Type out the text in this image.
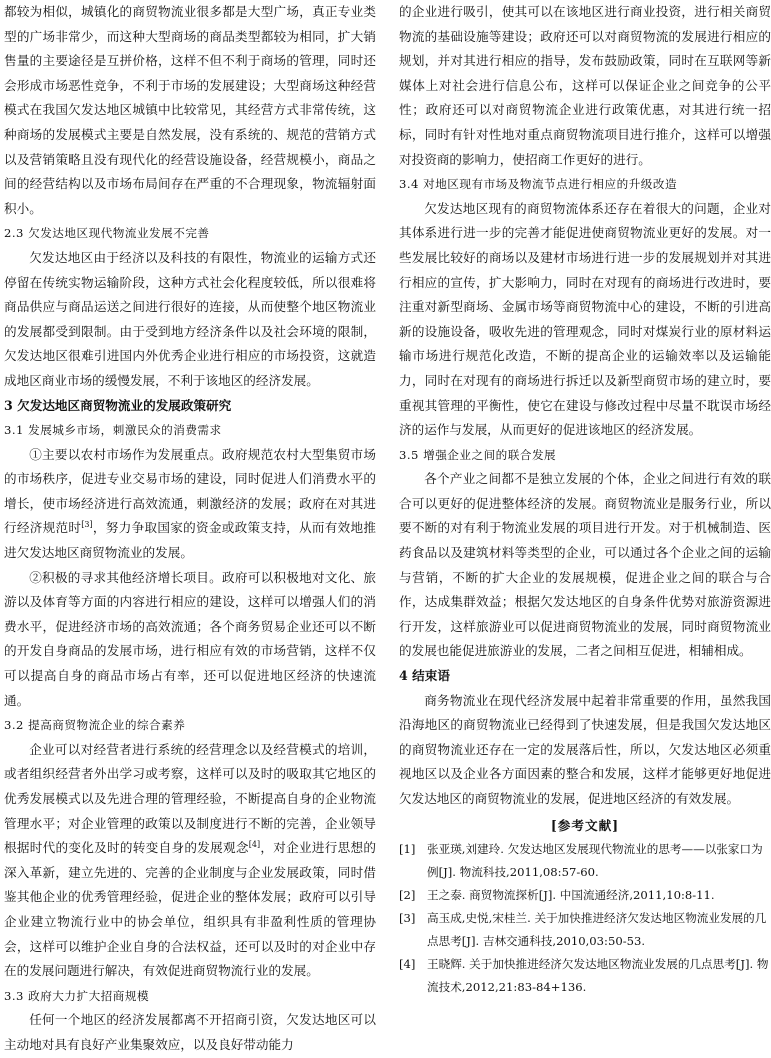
都较为相似，城镇化的商贸物流业很多都是大型广场，真正专业类型的广场非常少，而这种大型商场的商品类型都较为相同，扩大销售量的主要途径是互拼价格，这样不但不利于商场的管理，同时还会形成市场恶性竞争，不利于市场的发展建设；大型商场这种经营模式在我国欠发达地区城镇中比较常见，其经营方式非常传统，这种商场的发展模式主要是自然发展，没有系统的、规范的营销方式以及营销策略且没有现代化的经营设施设备，经营规模小，商品之间的经营结构以及市场布局间存在严重的不合理现象，物流辐射面积小。

2.3 欠发达地区现代物流业发展不完善

欠发达地区由于经济以及科技的有限性，物流业的运输方式还停留在传统实物运输阶段，这种方式社会化程度较低，所以很难将商品供应与商品运送之间进行很好的连接，从而使整个地区物流业的发展都受到限制。由于受到地方经济条件以及社会环境的限制，欠发达地区很难引进国内外优秀企业进行相应的市场投资，这就造成地区商业市场的缓慢发展，不利于该地区的经济发展。

3 欠发达地区商贸物流业的发展政策研究

3.1 发展城乡市场，刺激民众的消费需求

①主要以农村市场作为发展重点。政府规范农村大型集贸市场的市场秩序，促进专业交易市场的建设，同时促进人们消费水平的增长，使市场经济进行高效流通，刺激经济的发展；政府在对其进行经济规范时[3]，努力争取国家的资金或政策支持，从而有效地推进欠发达地区商贸物流业的发展。

②积极的寻求其他经济增长项目。政府可以积极地对文化、旅游以及体育等方面的内容进行相应的建设，这样可以增强人们的消费水平，促进经济市场的高效流通；各个商务贸易企业还可以不断的开发自身商品的发展市场，进行相应有效的市场营销，这样不仅可以提高自身的商品市场占有率，还可以促进地区经济的快速流通。

3.2 提高商贸物流企业的综合素养

企业可以对经营者进行系统的经营理念以及经营模式的培训，或者组织经营者外出学习或考察，这样可以及时的吸取其它地区的优秀发展模式以及先进合理的管理经验，不断提高自身的企业物流管理水平；对企业管理的政策以及制度进行不断的完善，企业领导根据时代的变化及时的转变自身的发展观念[4]，对企业进行思想的深入革新，建立先进的、完善的企业制度与企业发展政策，同时借鉴其他企业的优秀管理经验，促进企业的整体发展；政府可以引导企业建立物流行业中的协会单位，组织具有非盈利性质的管理协会，这样可以维护企业自身的合法权益，还可以及时的对企业中存在的发展问题进行解决，有效促进商贸物流行业的发展。

3.3 政府大力扩大招商规模

任何一个地区的经济发展都离不开招商引资，欠发达地区可以主动地对具有良好产业集聚效应，以及良好带动能力

的企业进行吸引，使其可以在该地区进行商业投资，进行相关商贸物流的基础设施等建设；政府还可以对商贸物流的发展进行相应的规划，并对其进行相应的指导，发布鼓励政策，同时在互联网等新媒体上对社会进行信息公布，这样可以保证企业之间竞争的公平性；政府还可以对商贸物流企业进行政策优惠，对其进行统一招标，同时有针对性地对重点商贸物流项目进行推介，这样可以增强对投资商的影响力，使招商工作更好的进行。

3.4 对地区现有市场及物流节点进行相应的升级改造

欠发达地区现有的商贸物流体系还存在着很大的问题，企业对其体系进行进一步的完善才能促进使商贸物流业更好的发展。对一些发展比较好的商场以及建材市场进行进一步的发展规划并对其进行相应的宣传，扩大影响力，同时在对现有的商场进行改进时，要注重对新型商场、金属市场等商贸物流中心的建设，不断的引进高新的设施设备，吸收先进的管理观念，同时对煤炭行业的原材料运输市场进行规范化改造，不断的提高企业的运输效率以及运输能力，同时在对现有的商场进行拆迁以及新型商贸市场的建立时，要重视其管理的平衡性，使它在建设与修改过程中尽量不耽误市场经济的运作与发展，从而更好的促进该地区的经济发展。

3.5 增强企业之间的联合发展

各个产业之间都不是独立发展的个体，企业之间进行有效的联合可以更好的促进整体经济的发展。商贸物流业是服务行业，所以要不断的对有利于物流业发展的项目进行开发。对于机械制造、医药食品以及建筑材料等类型的企业，可以通过各个企业之间的运输与营销，不断的扩大企业的发展规模，促进企业之间的联合与合作，达成集群效益；根据欠发达地区的自身条件优势对旅游资源进行开发，这样旅游业可以促进商贸物流业的发展，同时商贸物流业的发展也能促进旅游业的发展，二者之间相互促进，相辅相成。

4 结束语

商务物流业在现代经济发展中起着非常重要的作用，虽然我国沿海地区的商贸物流业已经得到了快速发展，但是我国欠发达地区的商贸物流业还存在一定的发展落后性，所以，欠发达地区必须重视地区以及企业各方面因素的整合和发展，这样才能够更好地促进欠发达地区的商贸物流业的发展，促进地区经济的有效发展。

[参考文献]

[1] 张亚瑛,刘建玲. 欠发达地区发展现代物流业的思考——以张家口为例[J]. 物流科技,2011,08:57-60.

[2] 王之泰. 商贸物流探析[J]. 中国流通经济,2011,10:8-11.

[3] 高玉成,史悦,宋桂兰. 关于加快推进经济欠发达地区物流业发展的几点思考[J]. 吉林交通科技,2010,03:50-53.

[4] 王晓辉. 关于加快推进经济欠发达地区物流业发展的几点思考[J]. 物流技术,2012,21:83-84+136.
